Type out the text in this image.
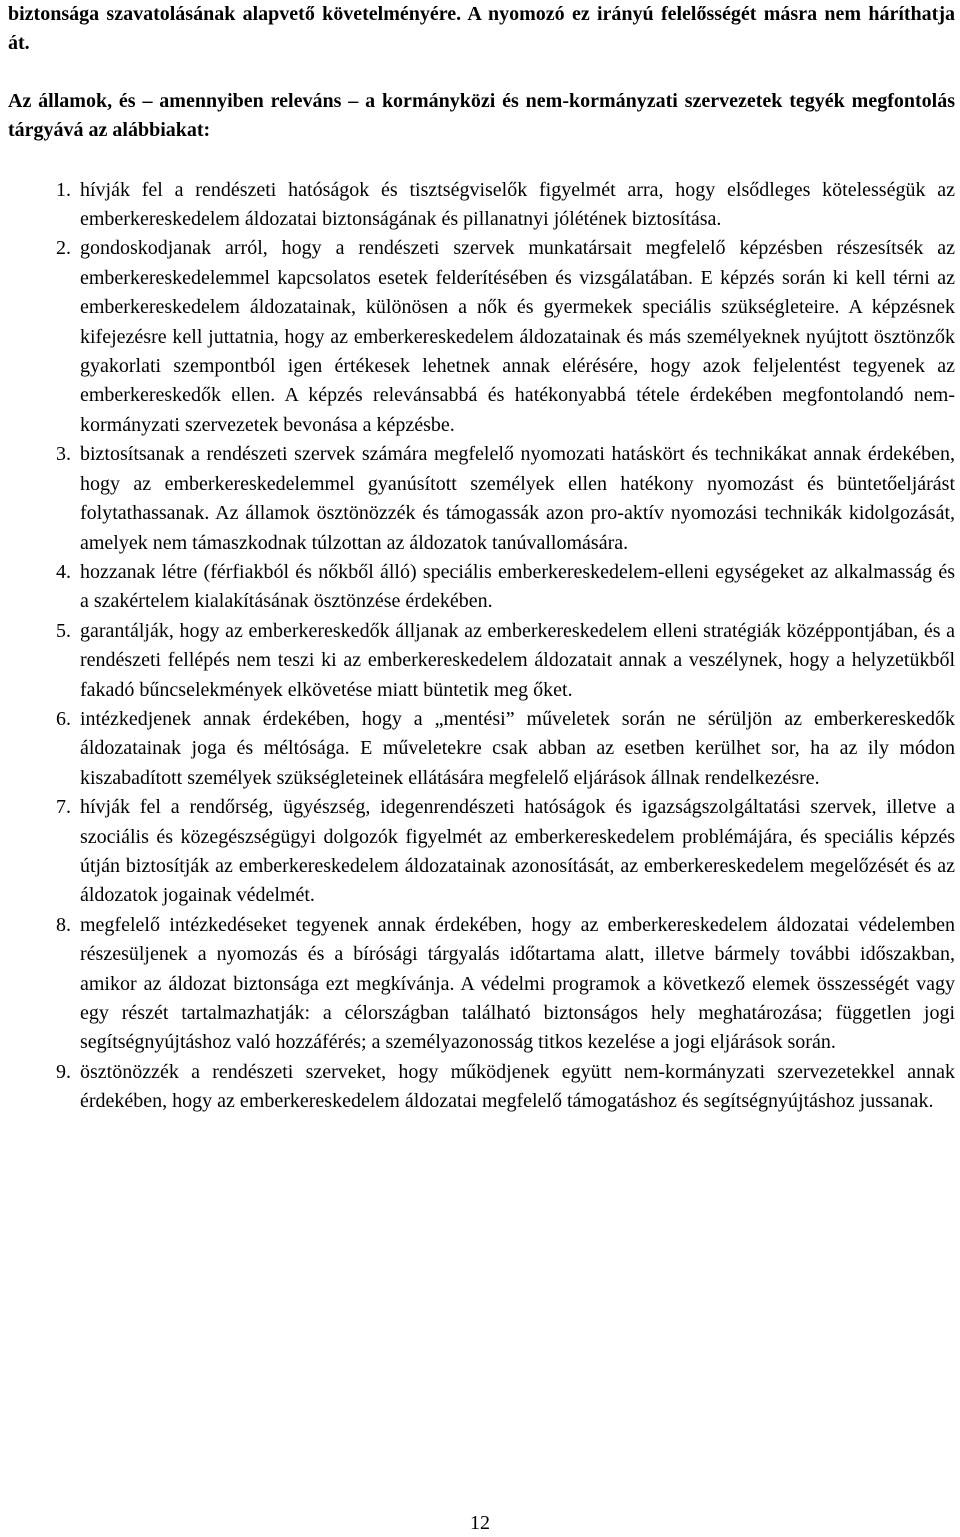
biztonsága szavatolásának alapvető követelményére. A nyomozó ez irányú felelősségét másra nem háríthatja át.

Az államok, és – amennyiben releváns – a kormányközi és nem-kormányzati szervezetek tegyék megfontolás tárgyává az alábbiakat:

1. hívják fel a rendészeti hatóságok és tisztségviselők figyelmét arra, hogy elsődleges kötelességük az emberkereskedelem áldozatai biztonságának és pillanatnyi jólétének biztosítása.
2. gondoskodjanak arról, hogy a rendészeti szervek munkatársait megfelelő képzésben részesítsék az emberkereskedelemmel kapcsolatos esetek felderítésében és vizsgálatában. E képzés során ki kell térni az emberkereskedelem áldozatainak, különösen a nők és gyermekek speciális szükségleteire. A képzésnek kifejezésre kell juttatnia, hogy az emberkereskedelem áldozatainak és más személyeknek nyújtott ösztönzők gyakorlati szempontból igen értékesek lehetnek annak elérésére, hogy azok feljelentést tegyenek az emberkereskedők ellen. A képzés relevánsabbá és hatékonyabbá tétele érdekében megfontolandó nem-kormányzati szervezetek bevonása a képzésbe.
3. biztosítsanak a rendészeti szervek számára megfelelő nyomozati hatáskört és technikákat annak érdekében, hogy az emberkereskedelemmel gyanúsított személyek ellen hatékony nyomozást és büntetőeljárást folytathassanak. Az államok ösztönözzék és támogassák azon pro-aktív nyomozási technikák kidolgozását, amelyek nem támaszkodnak túlzottan az áldozatok tanúvallomására.
4. hozzanak létre (férfiakból és nőkből álló) speciális emberkereskedelem-elleni egységeket az alkalmasság és a szakértelem kialakításának ösztönzése érdekében.
5. garantálják, hogy az emberkereskedők álljanak az emberkereskedelem elleni stratégiák középpontjában, és a rendészeti fellépés nem teszi ki az emberkereskedelem áldozatait annak a veszélynek, hogy a helyzetükből fakadó bűncselekmények elkövetése miatt büntetik meg őket.
6. intézkedjenek annak érdekében, hogy a „mentési” műveletek során ne sérüljön az emberkereskedők áldozatainak joga és méltósága. E műveletekre csak abban az esetben kerülhet sor, ha az ily módon kiszabadított személyek szükségleteinek ellátására megfelelő eljárások állnak rendelkezésre.
7. hívják fel a rendőrség, ügyészség, idegenrendészeti hatóságok és igazságszolgáltatási szervek, illetve a szociális és közegészségügyi dolgozók figyelmét az emberkereskedelem problémájára, és speciális képzés útján biztosítják az emberkereskedelem áldozatainak azonosítását, az emberkereskedelem megelőzését és az áldozatok jogainak védelmét.
8. megfelelő intézkedéseket tegyenek annak érdekében, hogy az emberkereskedelem áldozatai védelemben részesüljenek a nyomozás és a bírósági tárgyalás időtartama alatt, illetve bármely további időszakban, amikor az áldozat biztonsága ezt megkívánja. A védelmi programok a következő elemek összességét vagy egy részét tartalmazhatják: a célországban található biztonságos hely meghatározása; független jogi segítségnyújtáshoz való hozzáférés; a személyazonosság titkos kezelése a jogi eljárások során.
9. ösztönözzék a rendészeti szerveket, hogy működjenek együtt nem-kormányzati szervezetekkel annak érdekében, hogy az emberkereskedelem áldozatai megfelelő támogatáshoz és segítségnyújtáshoz jussanak.
12
